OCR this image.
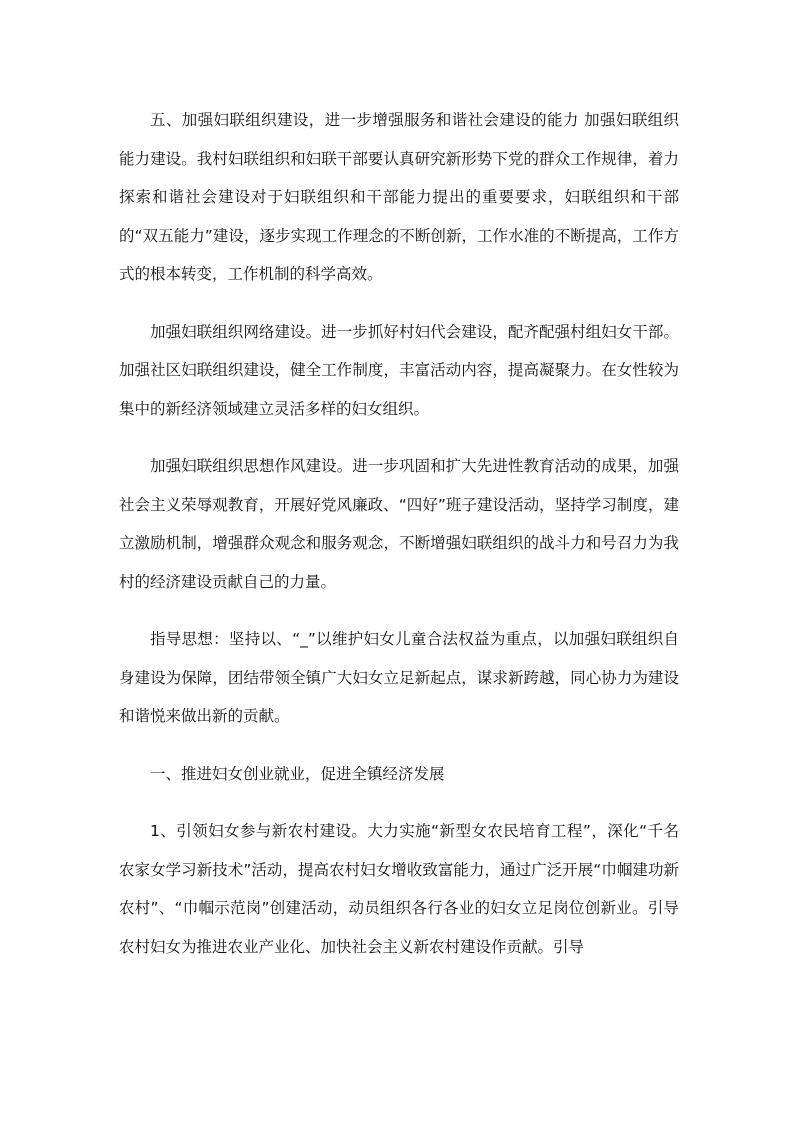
五、加强妇联组织建设，进一步增强服务和谐社会建设的能力 加强妇联组织能力建设。我村妇联组织和妇联干部要认真研究新形势下党的群众工作规律，着力探索和谐社会建设对于妇联组织和干部能力提出的重要要求，妇联组织和干部的“双五能力”建设，逐步实现工作理念的不断创新，工作水准的不断提高，工作方式的根本转变，工作机制的科学高效。

加强妇联组织网络建设。进一步抓好村妇代会建设，配齐配强村组妇女干部。加强社区妇联组织建设，健全工作制度，丰富活动内容，提高凝聚力。在女性较为集中的新经济领域建立灵活多样的妇女组织。

加强妇联组织思想作风建设。进一步巩固和扩大先进性教育活动的成果，加强社会主义荣辱观教育，开展好党风廉政、“四好”班子建设活动，坚持学习制度，建立激励机制，增强群众观念和服务观念，不断增强妇联组织的战斗力和号召力为我村的经济建设贡献自己的力量。

指导思想：坚持以、“_”以维护妇女儿童合法权益为重点，以加强妇联组织自身建设为保障，团结带领全镇广大妇女立足新起点，谋求新跨越，同心协力为建设和谐悦来做出新的贡献。

一、推进妇女创业就业，促进全镇经济发展

1、引领妇女参与新农村建设。大力实施“新型女农民培育工程”，深化“千名农家女学习新技术”活动，提高农村妇女增收致富能力，通过广泛开展“巾帼建功新农村”、“巾帼示范岗”创建活动，动员组织各行各业的妇女立足岗位创新业。引导农村妇女为推进农业产业化、加快社会主义新农村建设作贡献。引导
